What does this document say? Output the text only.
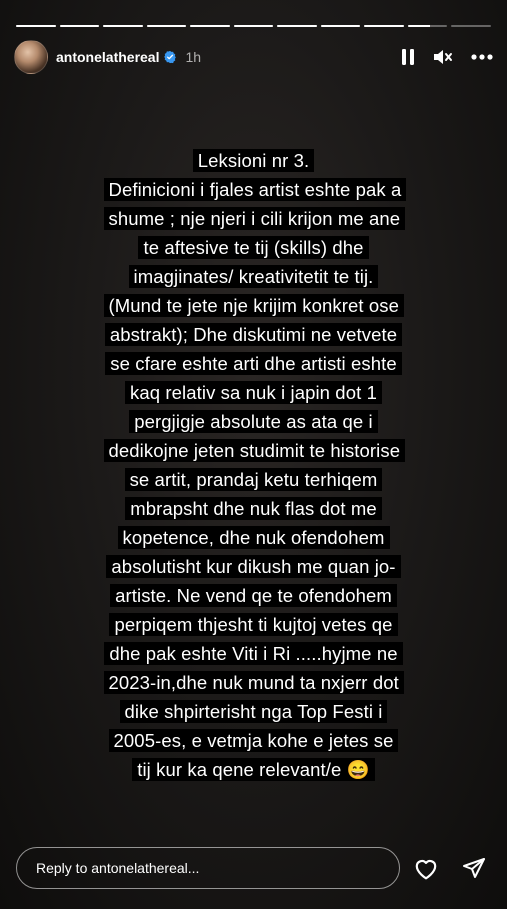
antonelathereal 1h
Leksioni nr 3.
Definicioni i fjales artist eshte pak a shume ; nje njeri i cili krijon me ane te aftesive te tij (skills) dhe imagjinates/ kreativitetit te tij. (Mund te jete nje krijim konkret ose abstrakt); Dhe diskutimi ne vetvete se cfare eshte arti dhe artisti eshte kaq relativ sa nuk i japin dot 1 pergjigje absolute as ata qe i dedikojne jeten studimit te historise se artit, prandaj ketu terhiqem mbrapsht dhe nuk flas dot me kopetence, dhe nuk ofendohem absolutisht kur dikush me quan jo-artiste. Ne vend qe te ofendohem perpiqem thjesht ti kujtoj vetes qe dhe pak eshte Viti i Ri .....hyjme ne 2023-in,dhe nuk mund ta nxjerr dot dike shpirterisht nga Top Festi i 2005-es, e vetmja kohe e jetes se tij kur ka qene relevant/e 😄
Reply to antonelathereal...
